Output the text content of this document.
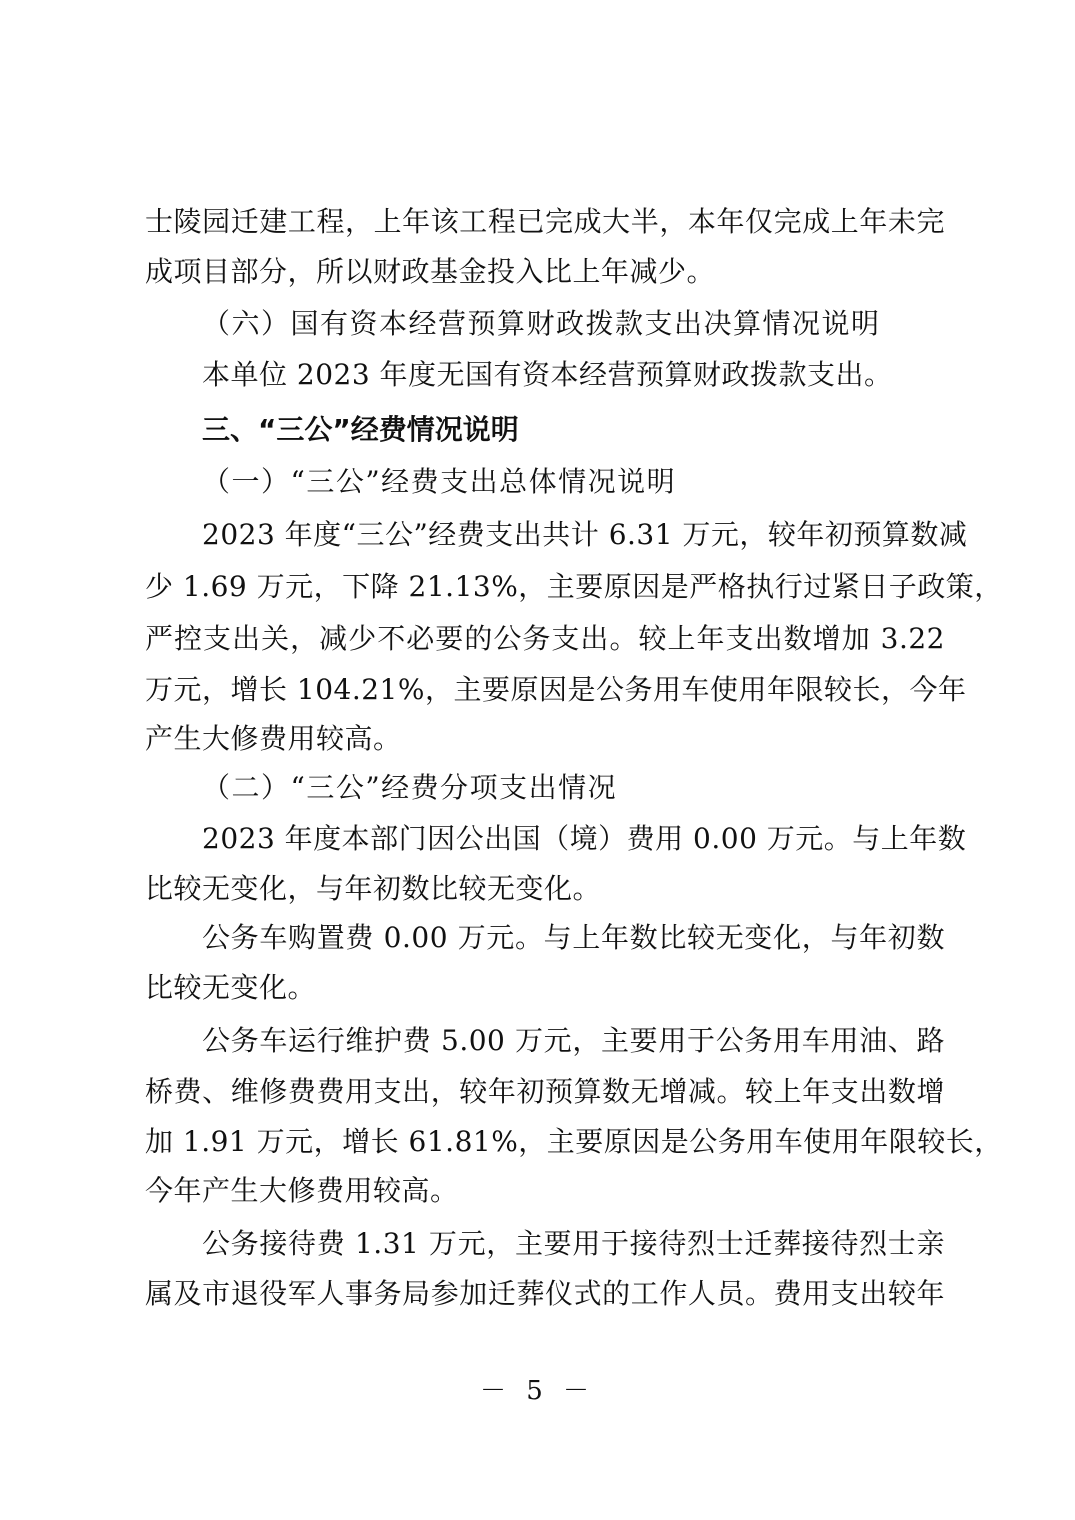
士陵园迁建工程，上年该工程已完成大半，本年仅完成上年未完
成项目部分，所以财政基金投入比上年减少。
（六）国有资本经营预算财政拨款支出决算情况说明
本单位 2023 年度无国有资本经营预算财政拨款支出。
三、“三公”经费情况说明
（一）“三公”经费支出总体情况说明
2023 年度“三公”经费支出共计 6.31 万元，较年初预算数减
少 1.69 万元，下降 21.13%，主要原因是严格执行过紧日子政策，
严控支出关，减少不必要的公务支出。较上年支出数增加 3.22
万元，增长 104.21%，主要原因是公务用车使用年限较长，今年
产生大修费用较高。
（二）“三公”经费分项支出情况
2023 年度本部门因公出国（境）费用 0.00 万元。与上年数
比较无变化，与年初数比较无变化。
公务车购置费 0.00 万元。与上年数比较无变化，与年初数
比较无变化。
公务车运行维护费 5.00 万元，主要用于公务用车用油、路
桥费、维修费费用支出，较年初预算数无增减。较上年支出数增
加 1.91 万元，增长 61.81%，主要原因是公务用车使用年限较长，
今年产生大修费用较高。
公务接待费 1.31 万元，主要用于接待烈士迁葬接待烈士亲
属及市退役军人事务局参加迁葬仪式的工作人员。费用支出较年
－ 5 －
